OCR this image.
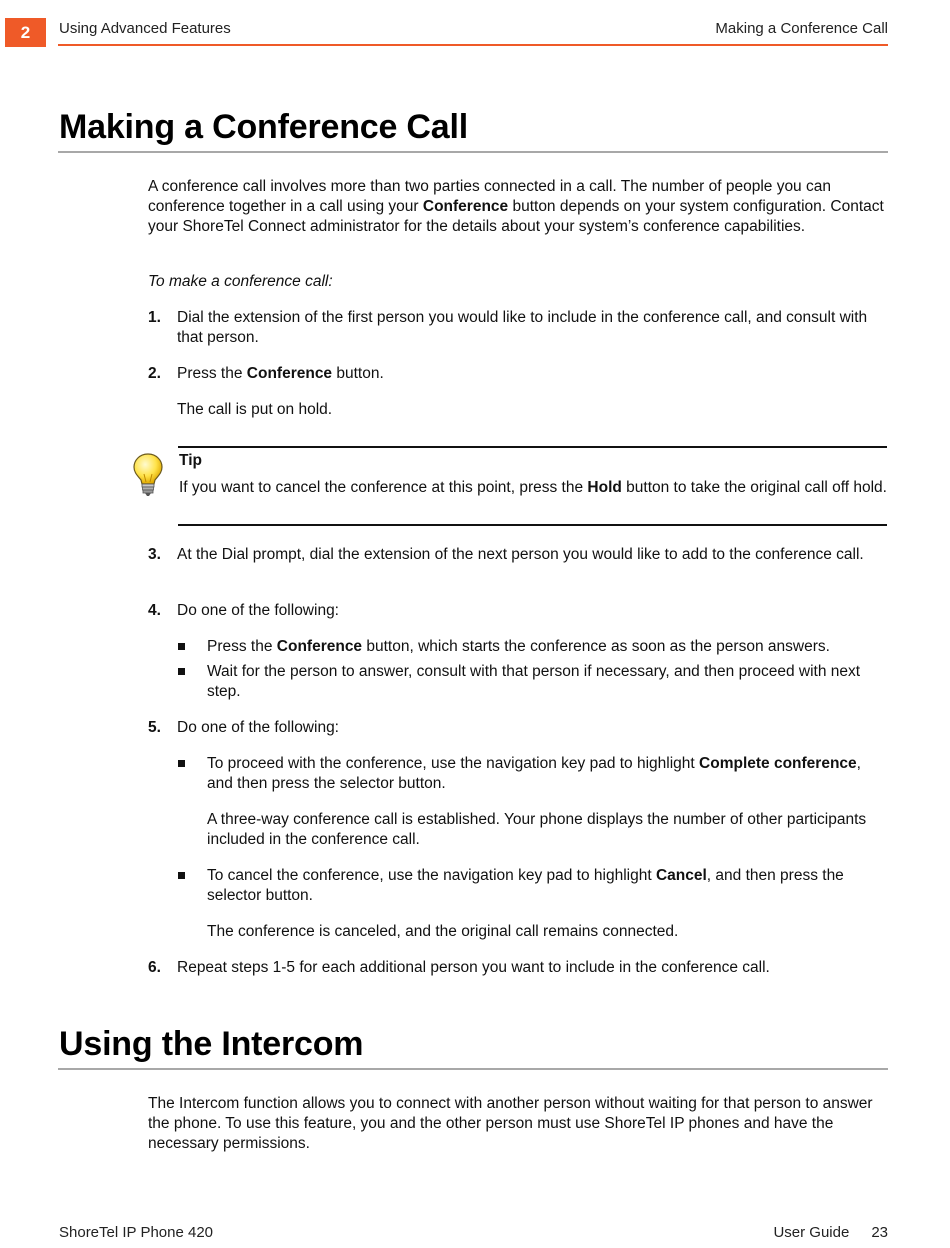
2	Using Advanced Features	Making a Conference Call
Making a Conference Call
A conference call involves more than two parties connected in a call. The number of people you can conference together in a call using your Conference button depends on your system configuration. Contact your ShoreTel Connect administrator for the details about your system’s conference capabilities.
To make a conference call:
1. Dial the extension of the first person you would like to include in the conference call, and consult with that person.
2. Press the Conference button.
The call is put on hold.
Tip
If you want to cancel the conference at this point, press the Hold button to take the original call off hold.
3. At the Dial prompt, dial the extension of the next person you would like to add to the conference call.
4. Do one of the following:
Press the Conference button, which starts the conference as soon as the person answers.
Wait for the person to answer, consult with that person if necessary, and then proceed with next step.
5. Do one of the following:
To proceed with the conference, use the navigation key pad to highlight Complete conference, and then press the selector button.
A three-way conference call is established. Your phone displays the number of other participants included in the conference call.
To cancel the conference, use the navigation key pad to highlight Cancel, and then press the selector button.
The conference is canceled, and the original call remains connected.
6. Repeat steps 1-5 for each additional person you want to include in the conference call.
Using the Intercom
The Intercom function allows you to connect with another person without waiting for that person to answer the phone. To use this feature, you and the other person must use ShoreTel IP phones and have the necessary permissions.
ShoreTel IP Phone 420	User Guide 23
